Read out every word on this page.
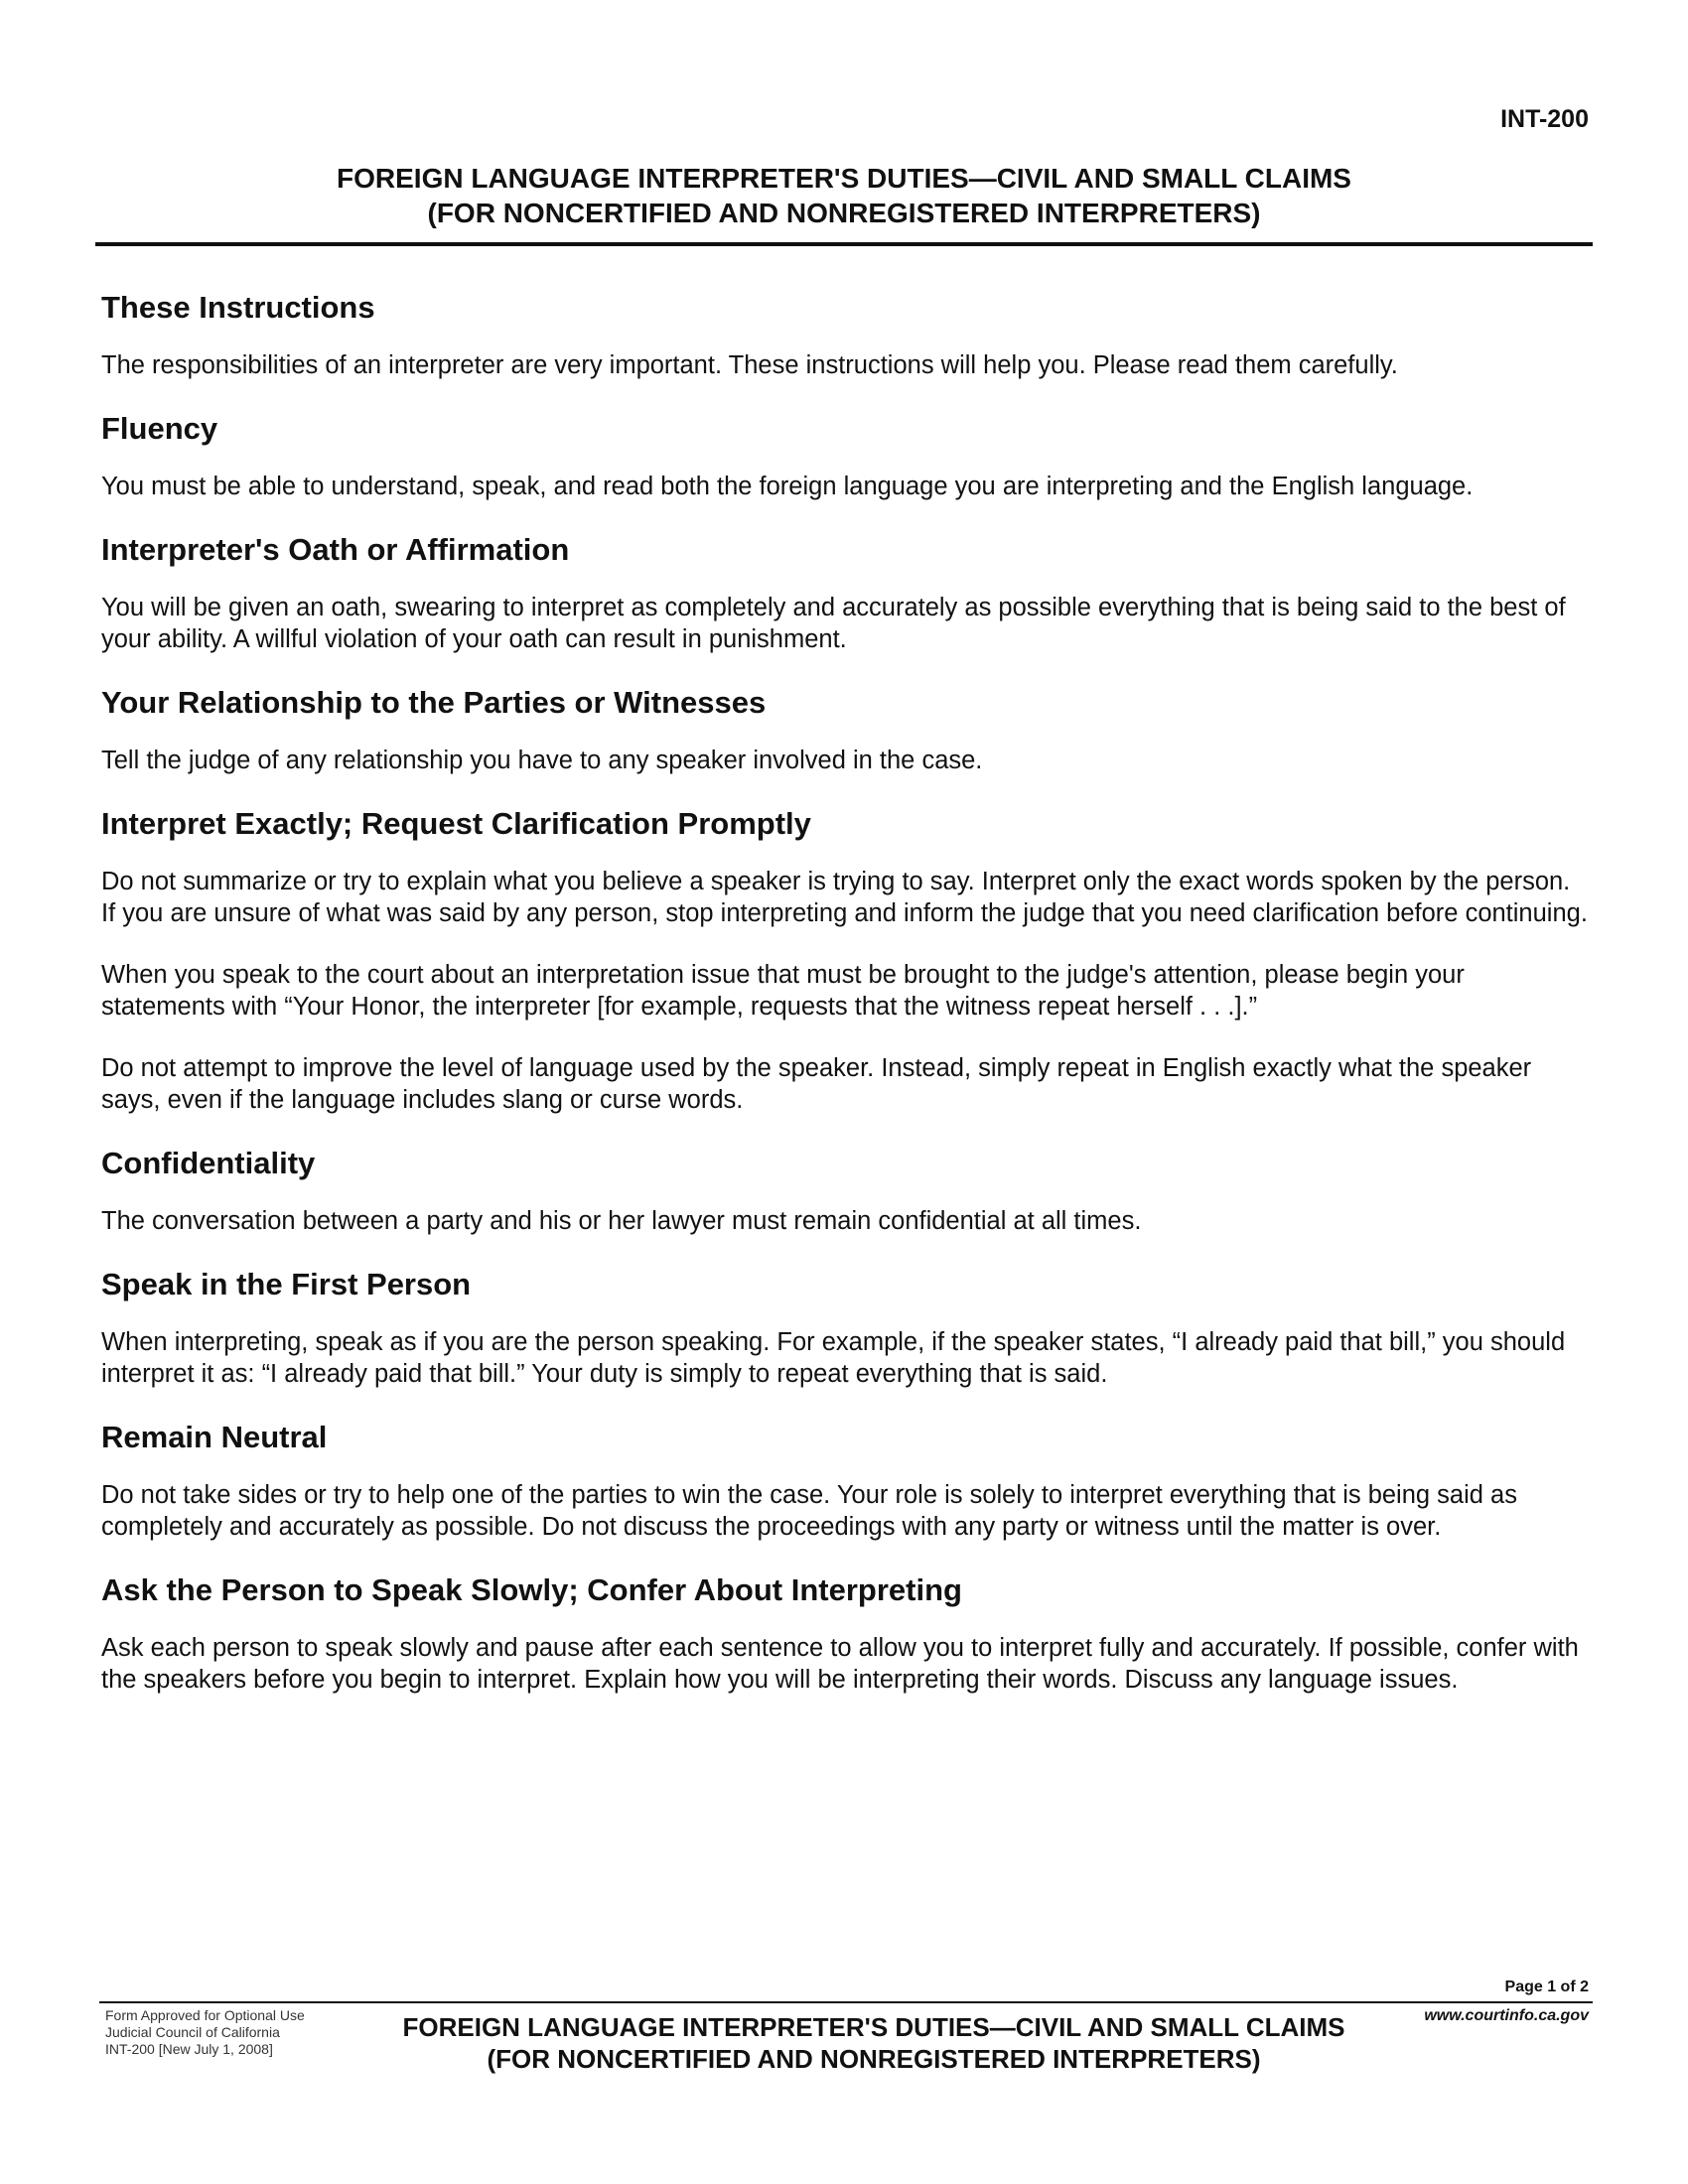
INT-200
FOREIGN LANGUAGE INTERPRETER'S DUTIES—CIVIL AND SMALL CLAIMS
(FOR NONCERTIFIED AND NONREGISTERED INTERPRETERS)
These Instructions

The responsibilities of an interpreter are very important. These instructions will help you. Please read them carefully.

Fluency

You must be able to understand, speak, and read both the foreign language you are interpreting and the English language.

Interpreter's Oath or Affirmation

You will be given an oath, swearing to interpret as completely and accurately as possible everything that is being said to the best of your ability. A willful violation of your oath can result in punishment.

Your Relationship to the Parties or Witnesses

Tell the judge of any relationship you have to any speaker involved in the case.

Interpret Exactly; Request Clarification Promptly

Do not summarize or try to explain what you believe a speaker is trying to say. Interpret only the exact words spoken by the person. If you are unsure of what was said by any person, stop interpreting and inform the judge that you need clarification before continuing.

When you speak to the court about an interpretation issue that must be brought to the judge's attention, please begin your statements with “Your Honor, the interpreter [for example, requests that the witness repeat herself . . .].”

Do not attempt to improve the level of language used by the speaker. Instead, simply repeat in English exactly what the speaker says, even if the language includes slang or curse words.

Confidentiality

The conversation between a party and his or her lawyer must remain confidential at all times.

Speak in the First Person

When interpreting, speak as if you are the person speaking. For example, if the speaker states, “I already paid that bill,” you should interpret it as: “I already paid that bill.” Your duty is simply to repeat everything that is said.

Remain Neutral

Do not take sides or try to help one of the parties to win the case. Your role is solely to interpret everything that is being said as completely and accurately as possible. Do not discuss the proceedings with any party or witness until the matter is over.

Ask the Person to Speak Slowly; Confer About Interpreting

Ask each person to speak slowly and pause after each sentence to allow you to interpret fully and accurately. If possible, confer with the speakers before you begin to interpret. Explain how you will be interpreting their words. Discuss any language issues.

Page 1 of 2
Form Approved for Optional Use
Judicial Council of California
INT-200 [New July 1, 2008]
FOREIGN LANGUAGE INTERPRETER'S DUTIES—CIVIL AND SMALL CLAIMS
(FOR NONCERTIFIED AND NONREGISTERED INTERPRETERS)
www.courtinfo.ca.gov
